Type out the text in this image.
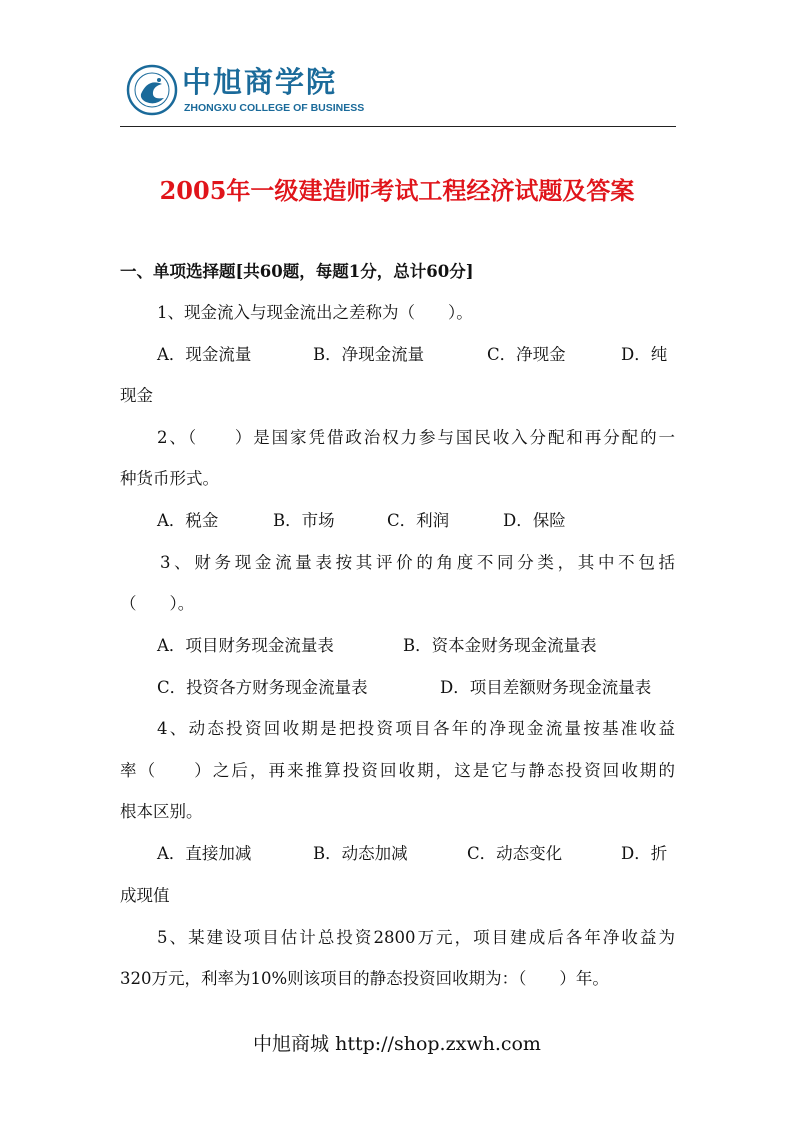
中旭商学院
ZHONGXU COLLEGE OF BUSINESS
2005年一级建造师考试工程经济试题及答案
一、单项选择题[共60题，每题1分，总计60分]
1、现金流入与现金流出之差称为（　　）。
A．现金流量	B．净现金流量	C．净现金	D．纯
现金
2、（　　）是国家凭借政治权力参与国民收入分配和再分配的一
种货币形式。
A．税金	B．市场	C．利润	D．保险
3、财务现金流量表按其评价的角度不同分类，其中不包括
（　　）。
A．项目财务现金流量表	B．资本金财务现金流量表
C．投资各方财务现金流量表	D．项目差额财务现金流量表
4、动态投资回收期是把投资项目各年的净现金流量按基准收益
率（　　）之后，再来推算投资回收期，这是它与静态投资回收期的
根本区别。
A．直接加减	B．动态加减	C．动态变化	D．折
成现值
5、某建设项目估计总投资2800万元，项目建成后各年净收益为
320万元，利率为10%则该项目的静态投资回收期为：（　　）年。
中旭商城 http://shop.zxwh.com
